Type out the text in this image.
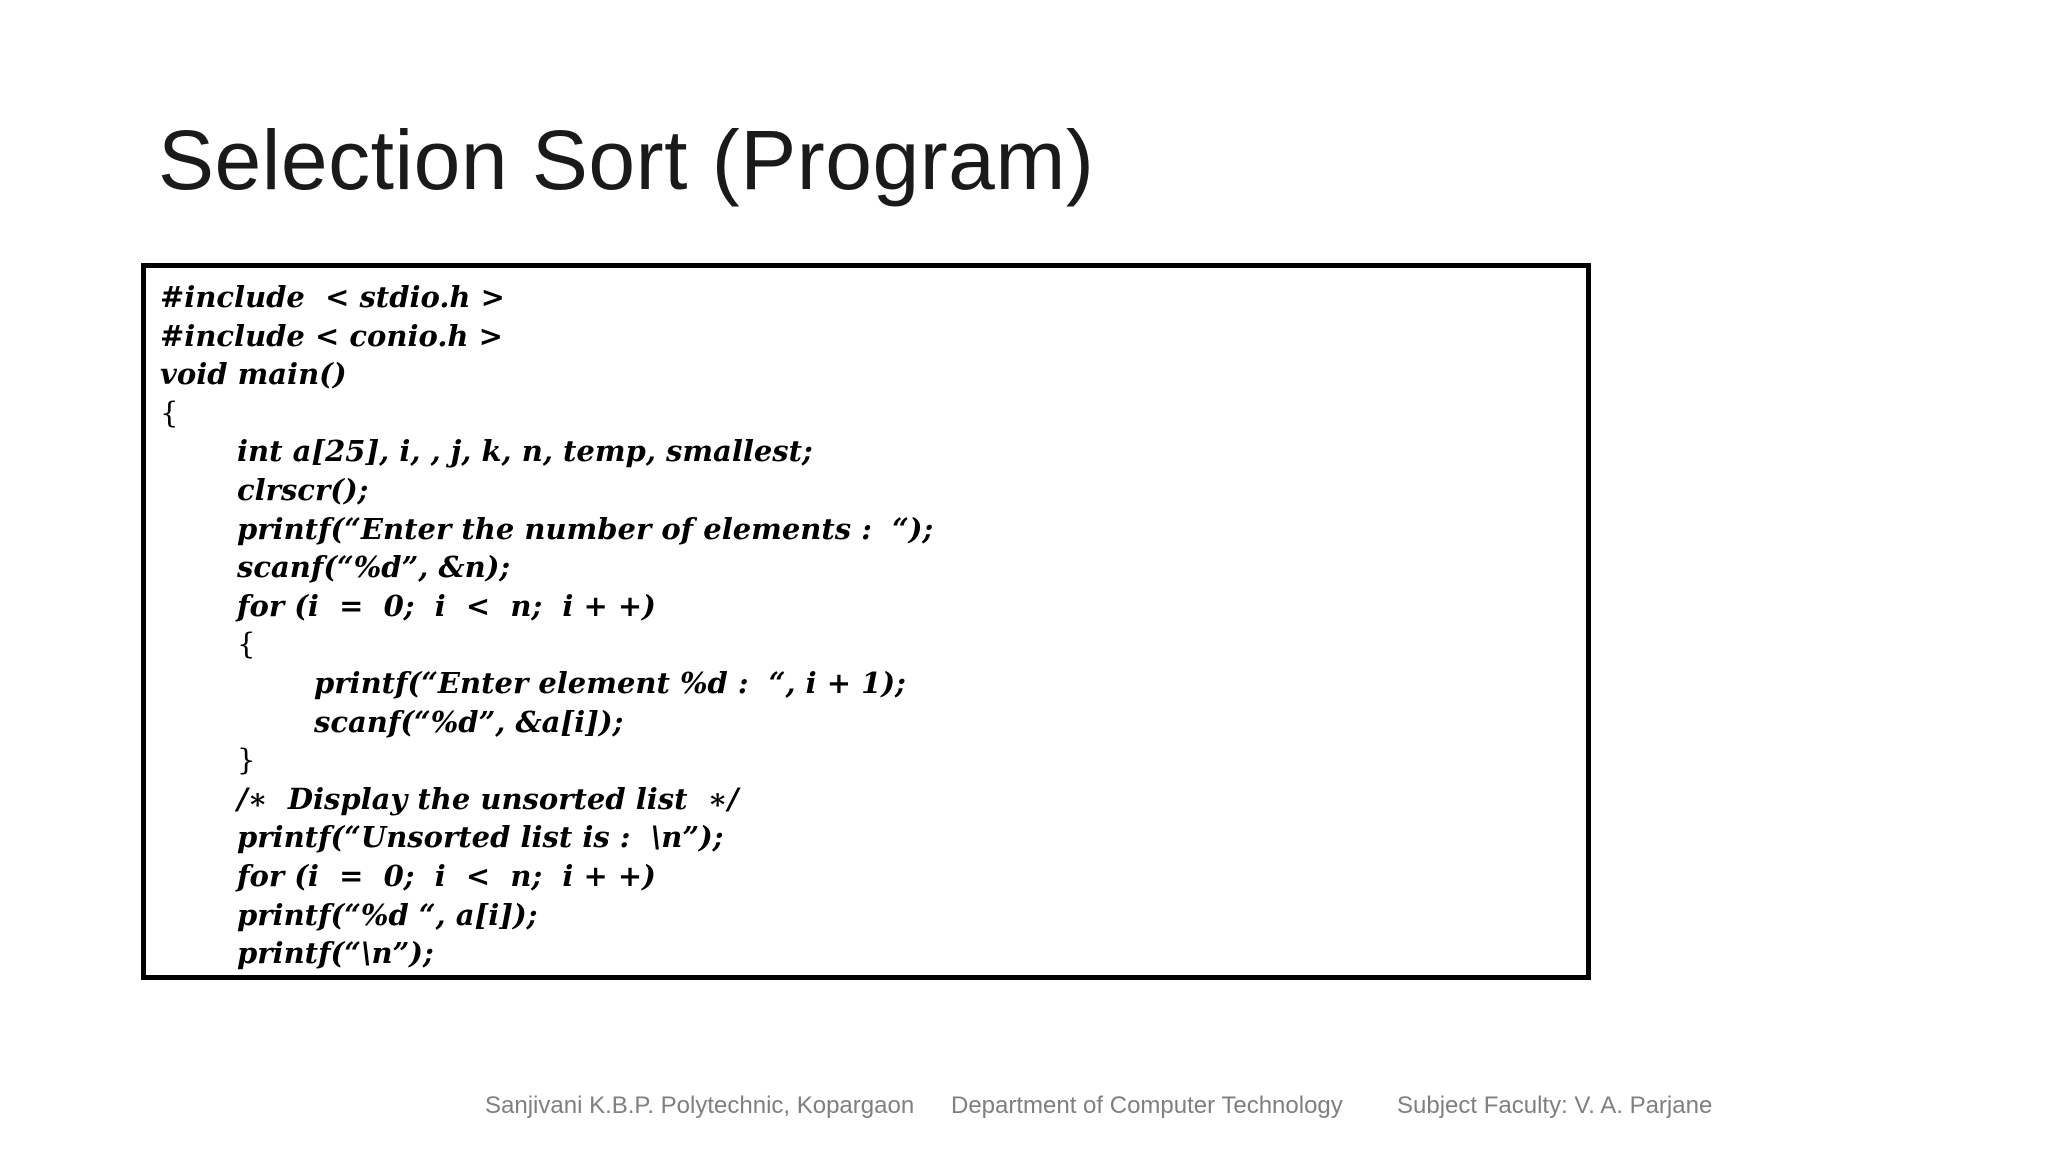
Selection Sort (Program)
#include  < stdio.h >
#include < conio.h >
void main()
{
int a[25], i, , j, k, n, temp, smallest;
clrscr();
printf(“Enter the number of elements :  “);
scanf(“%d”, &n);
for (i  =  0;  i  <  n;  i + +)
{
printf(“Enter element %d :  “, i + 1);
scanf(“%d”, &a[i]);
}
/∗  Display the unsorted list  ∗/
printf(“Unsorted list is :  \n”);
for (i  =  0;  i  <  n;  i + +)
printf(“%d “, a[i]);
printf(“\n”);
Sanjivani K.B.P. Polytechnic, Kopargaon Department of Computer Technology Subject Faculty: V. A. Parjane
